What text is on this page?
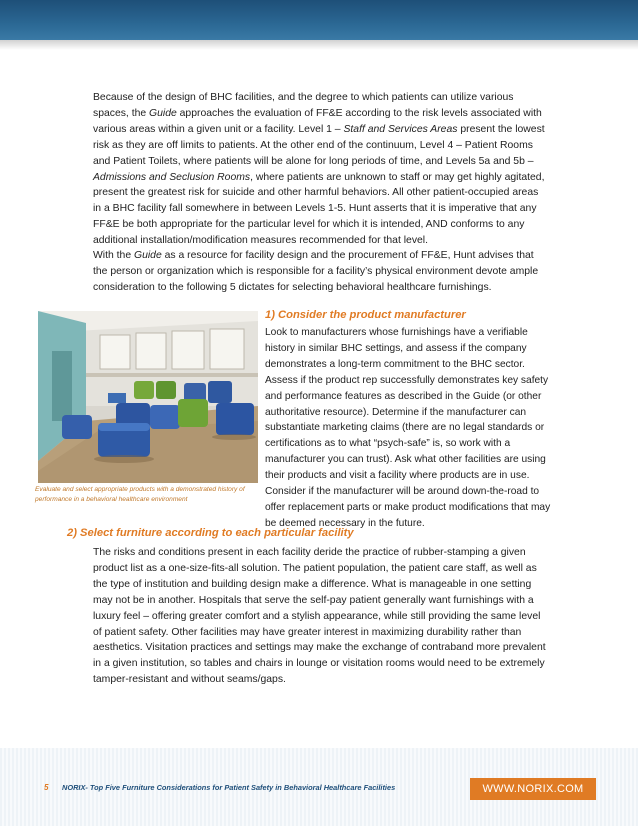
Because of the design of BHC facilities, and the degree to which patients can utilize various spaces, the Guide approaches the evaluation of FF&E according to the risk levels associated with various areas within a given unit or a facility. Level 1 – Staff and Services Areas present the lowest risk as they are off limits to patients. At the other end of the continuum, Level 4 – Patient Rooms and Patient Toilets, where patients will be alone for long periods of time, and Levels 5a and 5b – Admissions and Seclusion Rooms, where patients are unknown to staff or may get highly agitated, present the greatest risk for suicide and other harmful behaviors. All other patient-occupied areas in a BHC facility fall somewhere in between Levels 1-5. Hunt asserts that it is imperative that any FF&E be both appropriate for the particular level for which it is intended, AND conforms to any additional installation/modification measures recommended for that level.

With the Guide as a resource for facility design and the procurement of FF&E, Hunt advises that the person or organization which is responsible for a facility’s physical environment devote ample consideration to the following 5 dictates for selecting behavioral healthcare furnishings.

Evaluate and select appropriate products with a demonstrated history of performance in a behavioral healthcare environment
1) Consider the product manufacturer

Look to manufacturers whose furnishings have a verifiable history in similar BHC settings, and assess if the company demonstrates a long-term commitment to the BHC sector. Assess if the product rep successfully demonstrates key safety and performance features as described in the Guide (or other authoritative resource). Determine if the manufacturer can substantiate marketing claims (there are no legal standards or certifications as to what “psych-safe” is, so work with a manufacturer you can trust). Ask what other facilities are using their products and visit a facility where products are in use. Consider if the manufacturer will be around down-the-road to offer replacement parts or make product modifications that may be deemed necessary in the future.

2) Select furniture according to each particular facility

The risks and conditions present in each facility deride the practice of rubber-stamping a given product list as a one-size-fits-all solution. The patient population, the patient care staff, as well as the type of institution and building design make a difference. What is manageable in one setting may not be in another. Hospitals that serve the self-pay patient generally want furnishings with a luxury feel – offering greater comfort and a stylish appearance, while still providing the same level of patient safety. Other facilities may have greater interest in maximizing durability rather than aesthetics. Visitation practices and settings may make the exchange of contraband more prevalent in a given institution, so tables and chairs in lounge or visitation rooms would need to be extremely tamper-resistant and without seams/gaps.

5 NORIX- Top Five Furniture Considerations for Patient Safety in Behavioral Healthcare Facilities	WWW.NORIX.COM
